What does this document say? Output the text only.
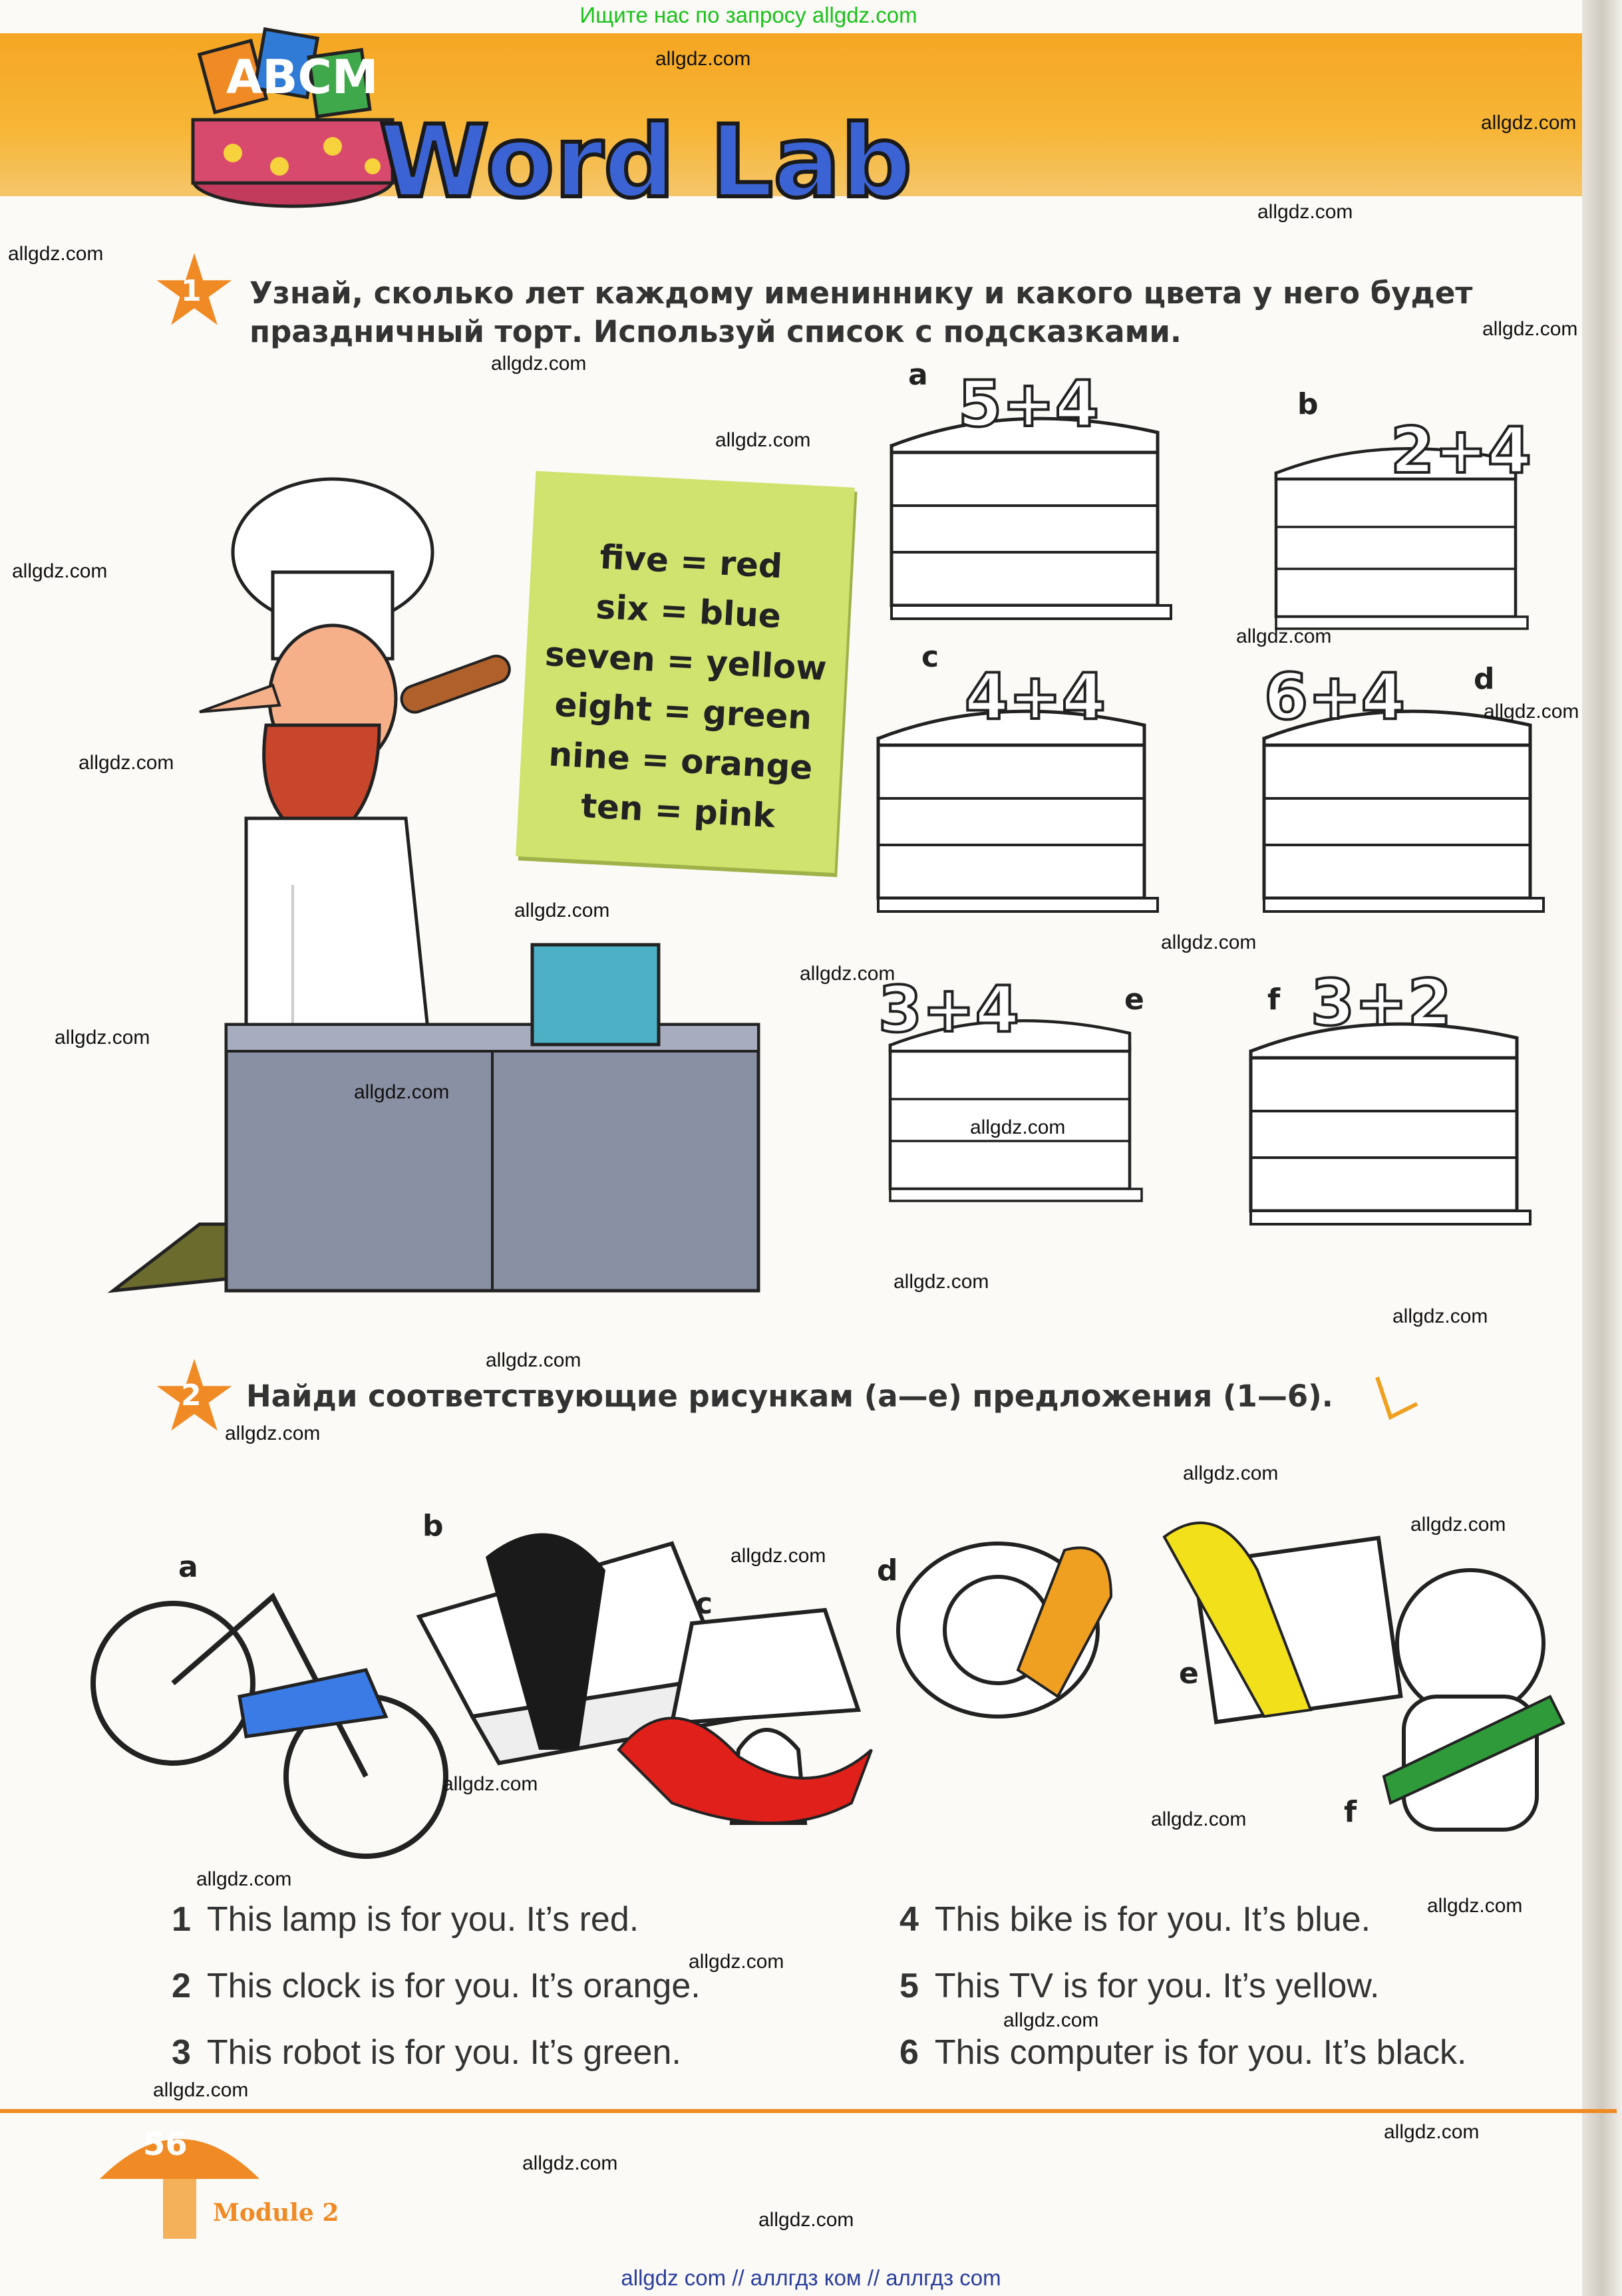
Ищите нас по запросу allgdz.com
ABCM
Word Lab
1 Узнай, сколько лет каждому имениннику и какого цвета у него будет
праздничный торт. Используй список с подсказками.
five = red
six = blue
seven = yellow
eight = green
nine = orange
ten = pink
5+4
2+4
4+4	6+4
3+4	3+2
a
b
c
d
e	f
2 Найди соответствующие рисункам (а—е) предложения (1—6).
a
b
c
d
e
f
1 This lamp is for you. It’s red.
2 This clock is for you. It’s orange.
3 This robot is for you. It’s green.
4 This bike is for you. It’s blue.
5 This TV is for you. It’s yellow.
6 This computer is for you. It’s black.
56
Module 2
allgdz com // аллгдз ком // аллгдз com
allgdz.com
allgdz.com
allgdz.com
allgdz.com
allgdz.com
allgdz.com
allgdz.com
allgdz.com
allgdz.com
allgdz.com
allgdz.com
allgdz.com
allgdz.com
allgdz.com
allgdz.com
allgdz.com
allgdz.com
allgdz.com
allgdz.com
allgdz.com
allgdz.com
allgdz.com
allgdz.com
allgdz.com
allgdz.com
allgdz.com
allgdz.com
allgdz.com
allgdz.com
allgdz.com
allgdz.com
allgdz.com
allgdz.com
allgdz.com
